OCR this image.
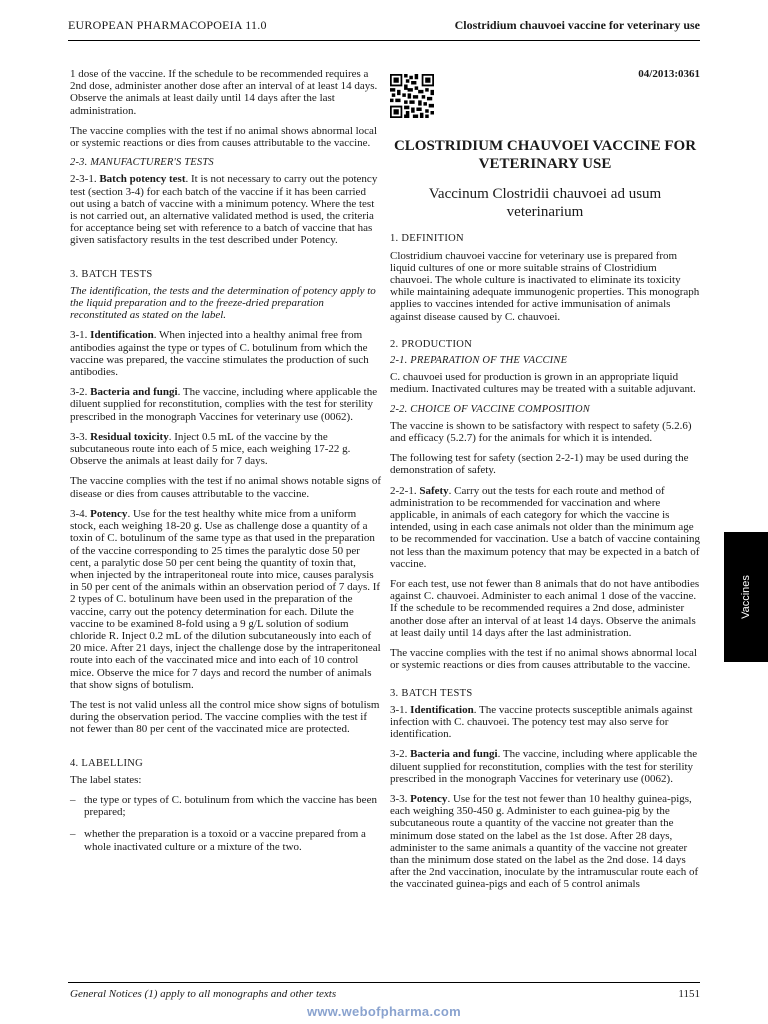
EUROPEAN PHARMACOPOEIA 11.0	Clostridium chauvoei vaccine for veterinary use

1 dose of the vaccine. If the schedule to be recommended requires a 2nd dose, administer another dose after an interval of at least 14 days. Observe the animals at least daily until 14 days after the last administration.

The vaccine complies with the test if no animal shows abnormal local or systemic reactions or dies from causes attributable to the vaccine.

2-3. MANUFACTURER'S TESTS

2-3-1. Batch potency test. It is not necessary to carry out the potency test (section 3-4) for each batch of the vaccine if it has been carried out using a batch of vaccine with a minimum potency. Where the test is not carried out, an alternative validated method is used, the criteria for acceptance being set with reference to a batch of vaccine that has given satisfactory results in the test described under Potency.

3. BATCH TESTS

The identification, the tests and the determination of potency apply to the liquid preparation and to the freeze-dried preparation reconstituted as stated on the label.

3-1. Identification. When injected into a healthy animal free from antibodies against the type or types of C. botulinum from which the vaccine was prepared, the vaccine stimulates the production of such antibodies.

3-2. Bacteria and fungi. The vaccine, including where applicable the diluent supplied for reconstitution, complies with the test for sterility prescribed in the monograph Vaccines for veterinary use (0062).

3-3. Residual toxicity. Inject 0.5 mL of the vaccine by the subcutaneous route into each of 5 mice, each weighing 17-22 g. Observe the animals at least daily for 7 days.

The vaccine complies with the test if no animal shows notable signs of disease or dies from causes attributable to the vaccine.

3-4. Potency. Use for the test healthy white mice from a uniform stock, each weighing 18-20 g. Use as challenge dose a quantity of a toxin of C. botulinum of the same type as that used in the preparation of the vaccine corresponding to 25 times the paralytic dose 50 per cent, a paralytic dose 50 per cent being the quantity of toxin that, when injected by the intraperitoneal route into mice, causes paralysis in 50 per cent of the animals within an observation period of 7 days. If 2 types of C. botulinum have been used in the preparation of the vaccine, carry out the potency determination for each. Dilute the vaccine to be examined 8-fold using a 9 g/L solution of sodium chloride R. Inject 0.2 mL of the dilution subcutaneously into each of 20 mice. After 21 days, inject the challenge dose by the intraperitoneal route into each of the vaccinated mice and into each of 10 control mice. Observe the mice for 7 days and record the number of animals that show signs of botulism.

The test is not valid unless all the control mice show signs of botulism during the observation period. The vaccine complies with the test if not fewer than 80 per cent of the vaccinated mice are protected.

4. LABELLING

The label states:

– the type or types of C. botulinum from which the vaccine has been prepared;
– whether the preparation is a toxoid or a vaccine prepared from a whole inactivated culture or a mixture of the two.
04/2013:0361
CLOSTRIDIUM CHAUVOEI VACCINE FOR VETERINARY USE
Vaccinum Clostridii chauvoei ad usum veterinarium
1. DEFINITION

Clostridium chauvoei vaccine for veterinary use is prepared from liquid cultures of one or more suitable strains of Clostridium chauvoei. The whole culture is inactivated to eliminate its toxicity while maintaining adequate immunogenic properties. This monograph applies to vaccines intended for active immunisation of animals against disease caused by C. chauvoei.

2. PRODUCTION
2-1. PREPARATION OF THE VACCINE

C. chauvoei used for production is grown in an appropriate liquid medium. Inactivated cultures may be treated with a suitable adjuvant.

2-2. CHOICE OF VACCINE COMPOSITION

The vaccine is shown to be satisfactory with respect to safety (5.2.6) and efficacy (5.2.7) for the animals for which it is intended.

The following test for safety (section 2-2-1) may be used during the demonstration of safety.

2-2-1. Safety. Carry out the tests for each route and method of administration to be recommended for vaccination and where applicable, in animals of each category for which the vaccine is intended, using in each case animals not older than the minimum age to be recommended for vaccination. Use a batch of vaccine containing not less than the maximum potency that may be expected in a batch of vaccine.

For each test, use not fewer than 8 animals that do not have antibodies against C. chauvoei. Administer to each animal 1 dose of the vaccine. If the schedule to be recommended requires a 2nd dose, administer another dose after an interval of at least 14 days. Observe the animals at least daily until 14 days after the last administration.

The vaccine complies with the test if no animal shows abnormal local or systemic reactions or dies from causes attributable to the vaccine.

3. BATCH TESTS

3-1. Identification. The vaccine protects susceptible animals against infection with C. chauvoei. The potency test may also serve for identification.

3-2. Bacteria and fungi. The vaccine, including where applicable the diluent supplied for reconstitution, complies with the test for sterility prescribed in the monograph Vaccines for veterinary use (0062).

3-3. Potency. Use for the test not fewer than 10 healthy guinea-pigs, each weighing 350-450 g. Administer to each guinea-pig by the subcutaneous route a quantity of the vaccine not greater than the minimum dose stated on the label as the 1st dose. After 28 days, administer to the same animals a quantity of the vaccine not greater than the minimum dose stated on the label as the 2nd dose. 14 days after the 2nd vaccination, inoculate by the intramuscular route each of the vaccinated guinea-pigs and each of 5 control animals

Vaccines
General Notices (1) apply to all monographs and other texts	1151
www.webofpharma.com
